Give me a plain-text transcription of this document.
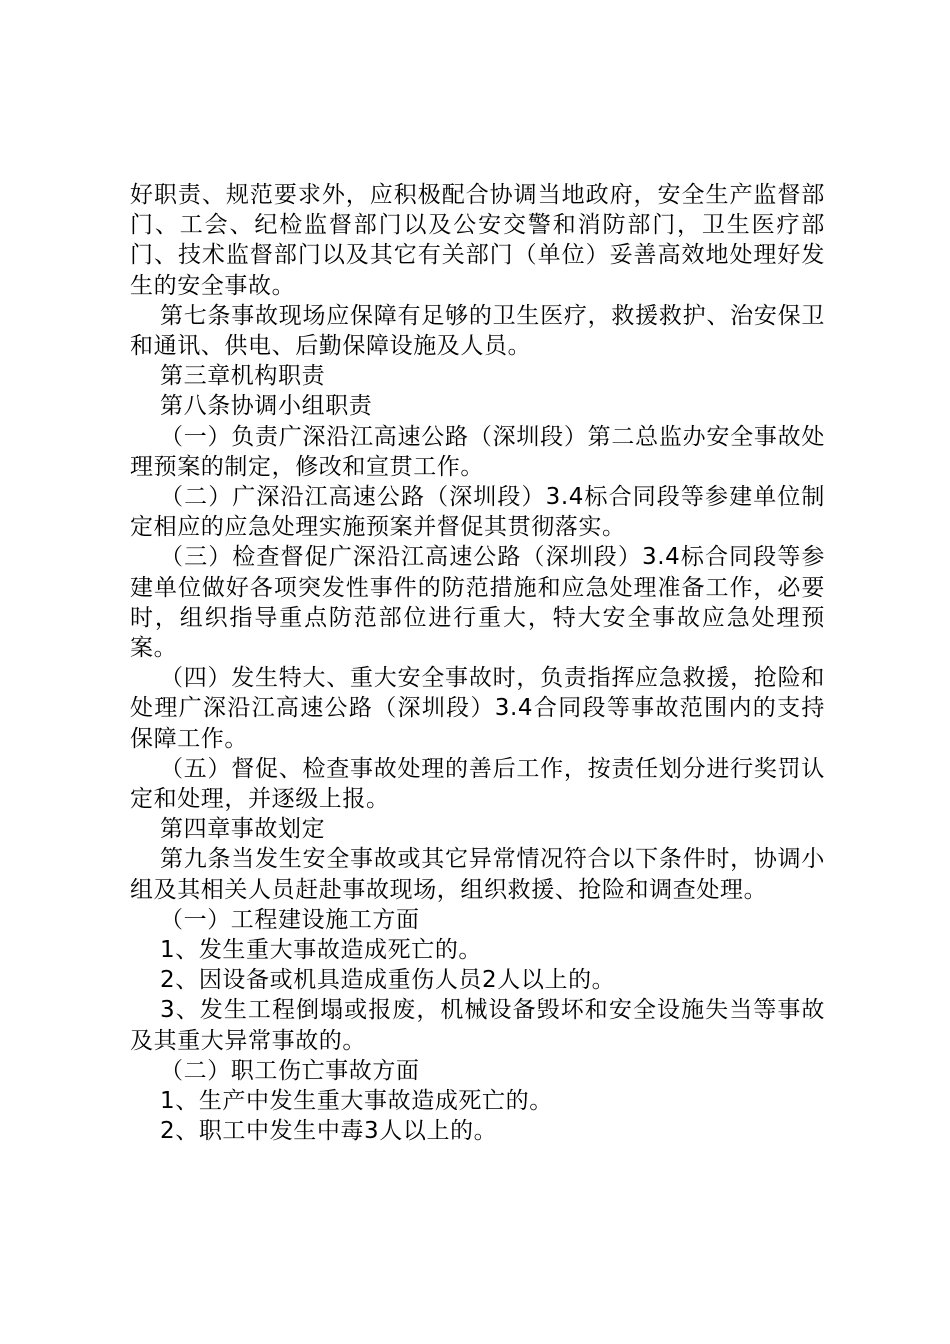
好职责、规范要求外，应积极配合协调当地政府，安全生产监督部门、工会、纪检监督部门以及公安交警和消防部门，卫生医疗部门、技术监督部门以及其它有关部门（单位）妥善高效地处理好发生的安全事故。

第七条事故现场应保障有足够的卫生医疗，救援救护、治安保卫和通讯、供电、后勤保障设施及人员。

第三章机构职责

第八条协调小组职责

（一）负责广深沿江高速公路（深圳段）第二总监办安全事故处理预案的制定，修改和宣贯工作。

（二）广深沿江高速公路（深圳段）3.4标合同段等参建单位制定相应的应急处理实施预案并督促其贯彻落实。

（三）检查督促广深沿江高速公路（深圳段）3.4标合同段等参建单位做好各项突发性事件的防范措施和应急处理准备工作，必要时，组织指导重点防范部位进行重大，特大安全事故应急处理预案。

（四）发生特大、重大安全事故时，负责指挥应急救援，抢险和处理广深沿江高速公路（深圳段）3.4合同段等事故范围内的支持保障工作。

（五）督促、检查事故处理的善后工作，按责任划分进行奖罚认定和处理，并逐级上报。

第四章事故划定

第九条当发生安全事故或其它异常情况符合以下条件时，协调小组及其相关人员赶赴事故现场，组织救援、抢险和调查处理。

（一）工程建设施工方面

1、发生重大事故造成死亡的。

2、因设备或机具造成重伤人员2人以上的。

3、发生工程倒塌或报废，机械设备毁坏和安全设施失当等事故及其重大异常事故的。

（二）职工伤亡事故方面

1、生产中发生重大事故造成死亡的。

2、职工中发生中毒3人以上的。
